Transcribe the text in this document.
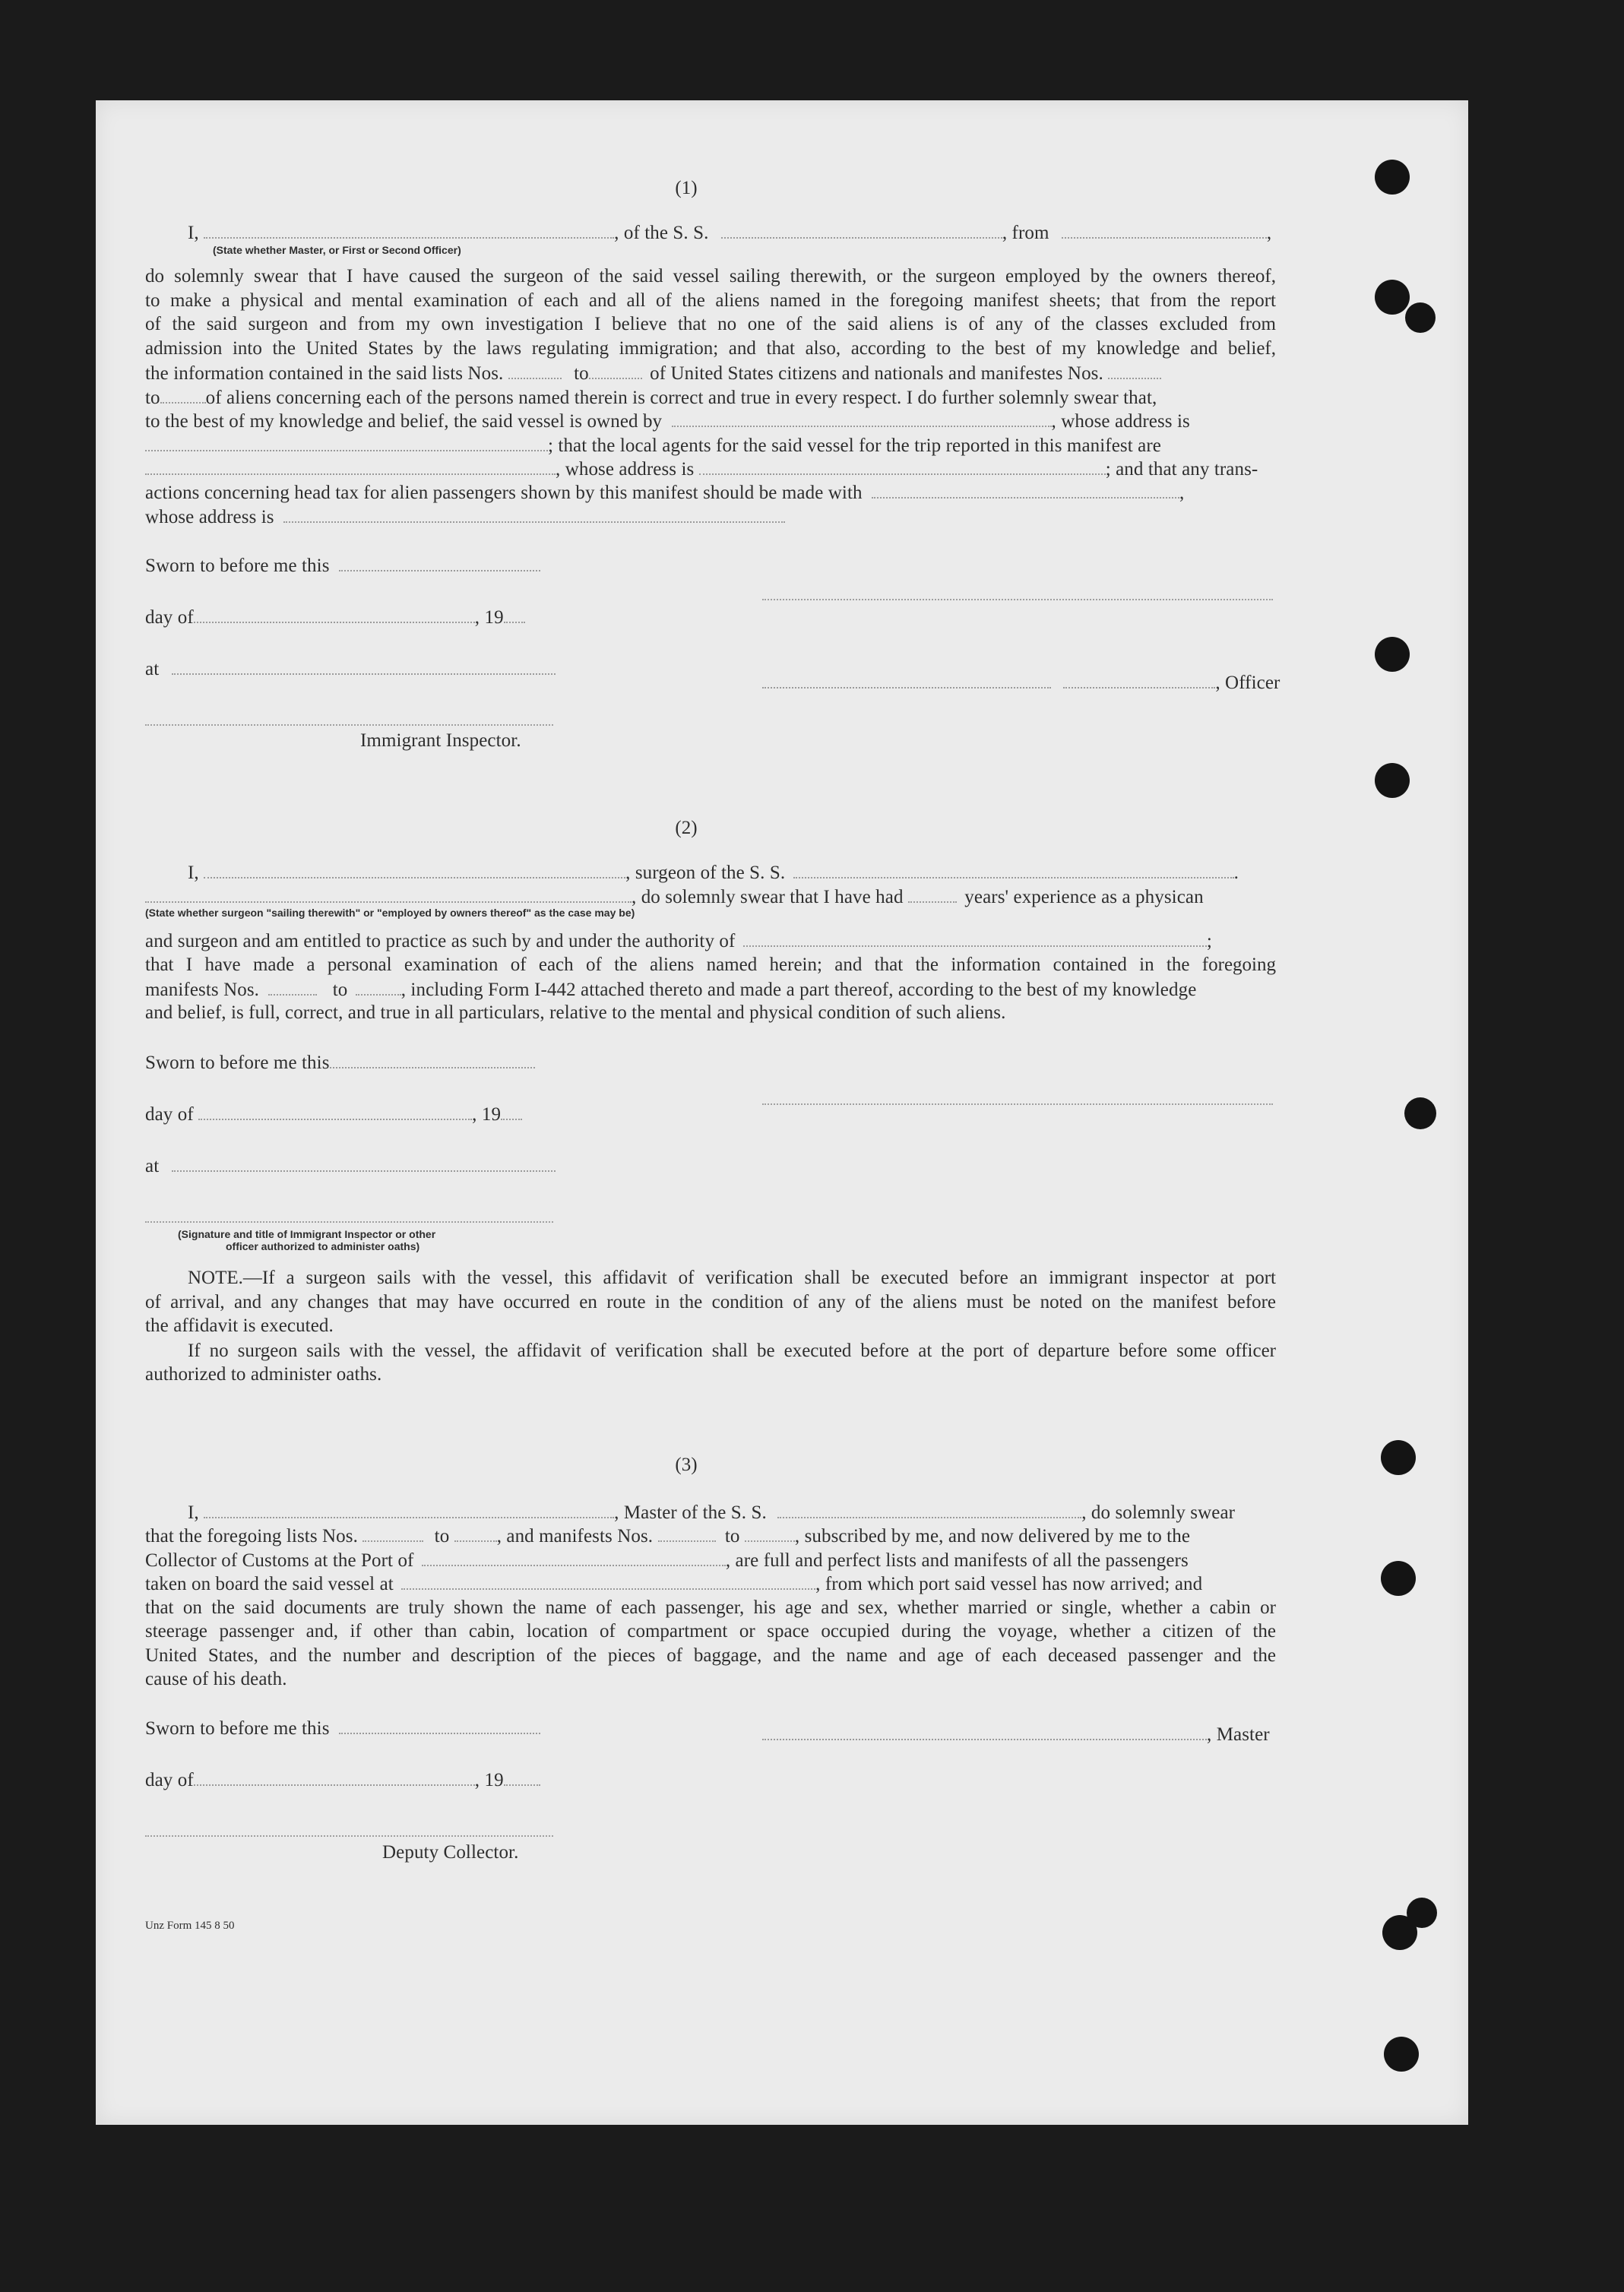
(1)
I,	, of the S. S.	, from	,
(State whether Master, or First or Second Officer)
do solemnly swear that I have caused the surgeon of the said vessel sailing therewith, or the surgeon employed by the owners thereof,
to make a physical and mental examination of each and all of the aliens named in the foregoing manifest sheets; that from the report
of the said surgeon and from my own investigation I believe that no one of the said aliens is of any of the classes excluded from
admission into the United States by the laws regulating immigration; and that also, according to the best of my knowledge and belief,
the information contained in the said lists Nos.	to	of United States citizens and nationals and manifestes Nos.
to of aliens concerning each of the persons named therein is correct and true in every respect. I do further solemnly swear that,
to the best of my knowledge and belief, the said vessel is owned by	, whose address is
; that the local agents for the said vessel for the trip reported in this manifest are
, whose address is	; and that any trans-
actions concerning head tax for alien passengers shown by this manifest should be made with	,
whose address is
Sworn to before me this
day of	, 19
at
, Officer
Immigrant Inspector.
(2)
I,	, surgeon of the S. S.	.
, do solemnly swear that I have had	years' experience as a physican
(State whether surgeon "sailing therewith" or "employed by owners thereof" as the case may be)
and surgeon and am entitled to practice as such by and under the authority of	;
that I have made a personal examination of each of the aliens named herein; and that the information contained in the foregoing
manifests Nos.	to	, including Form I-442 attached thereto and made a part thereof, according to the best of my knowledge
and belief, is full, correct, and true in all particulars, relative to the mental and physical condition of such aliens.
Sworn to before me this
day of	, 19
at
(Signature and title of Immigrant Inspector or other
officer authorized to administer oaths)
NOTE.—If a surgeon sails with the vessel, this affidavit of verification shall be executed before an immigrant inspector at port
of arrival, and any changes that may have occurred en route in the condition of any of the aliens must be noted on the manifest before
the affidavit is executed.
If no surgeon sails with the vessel, the affidavit of verification shall be executed before at the port of departure before some officer
authorized to administer oaths.
(3)
I,	, Master of the S. S.	, do solemnly swear
that the foregoing lists Nos.	to , and manifests Nos.	to	, subscribed by me, and now delivered by me to the
Collector of Customs at the Port of	, are full and perfect lists and manifests of all the passengers
taken on board the said vessel at	, from which port said vessel has now arrived; and
that on the said documents are truly shown the name of each passenger, his age and sex, whether married or single, whether a cabin or
steerage passenger and, if other than cabin, location of compartment or space occupied during the voyage, whether a citizen of the
United States, and the number and description of the pieces of baggage, and the name and age of each deceased passenger and the
cause of his death.
Sworn to before me this	, Master
day of	, 19
Deputy Collector.
Unz Form 145 8 50
